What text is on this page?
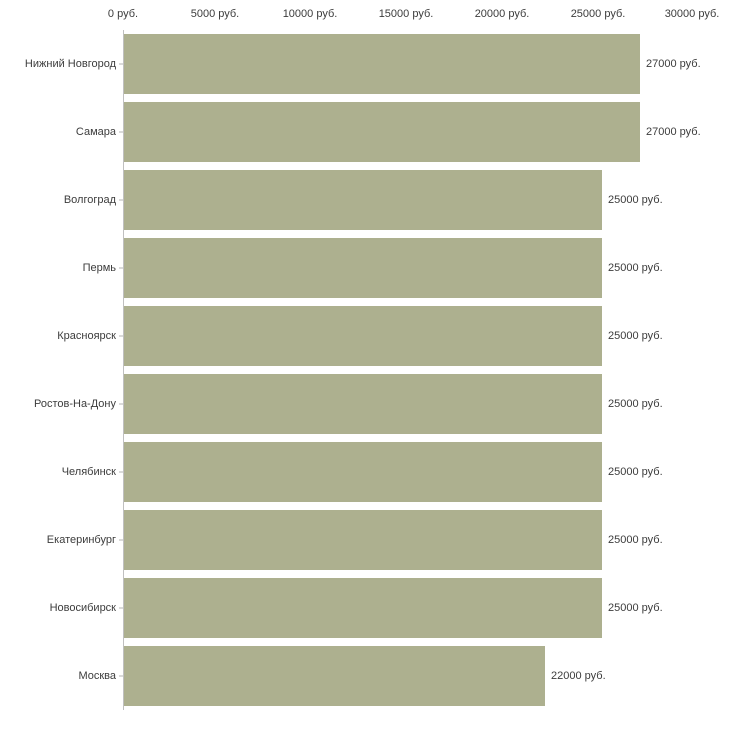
0 руб.	5000 руб.	10000 руб.	15000 руб.	20000 руб.	25000 руб.	30000 руб.
Нижний Новгород	27000 руб.
Самара	27000 руб.
Волгоград	25000 руб.
Пермь	25000 руб.
Красноярск	25000 руб.
Ростов-На-Дону	25000 руб.
Челябинск	25000 руб.
Екатеринбург	25000 руб.
Новосибирск	25000 руб.
Москва	22000 руб.
